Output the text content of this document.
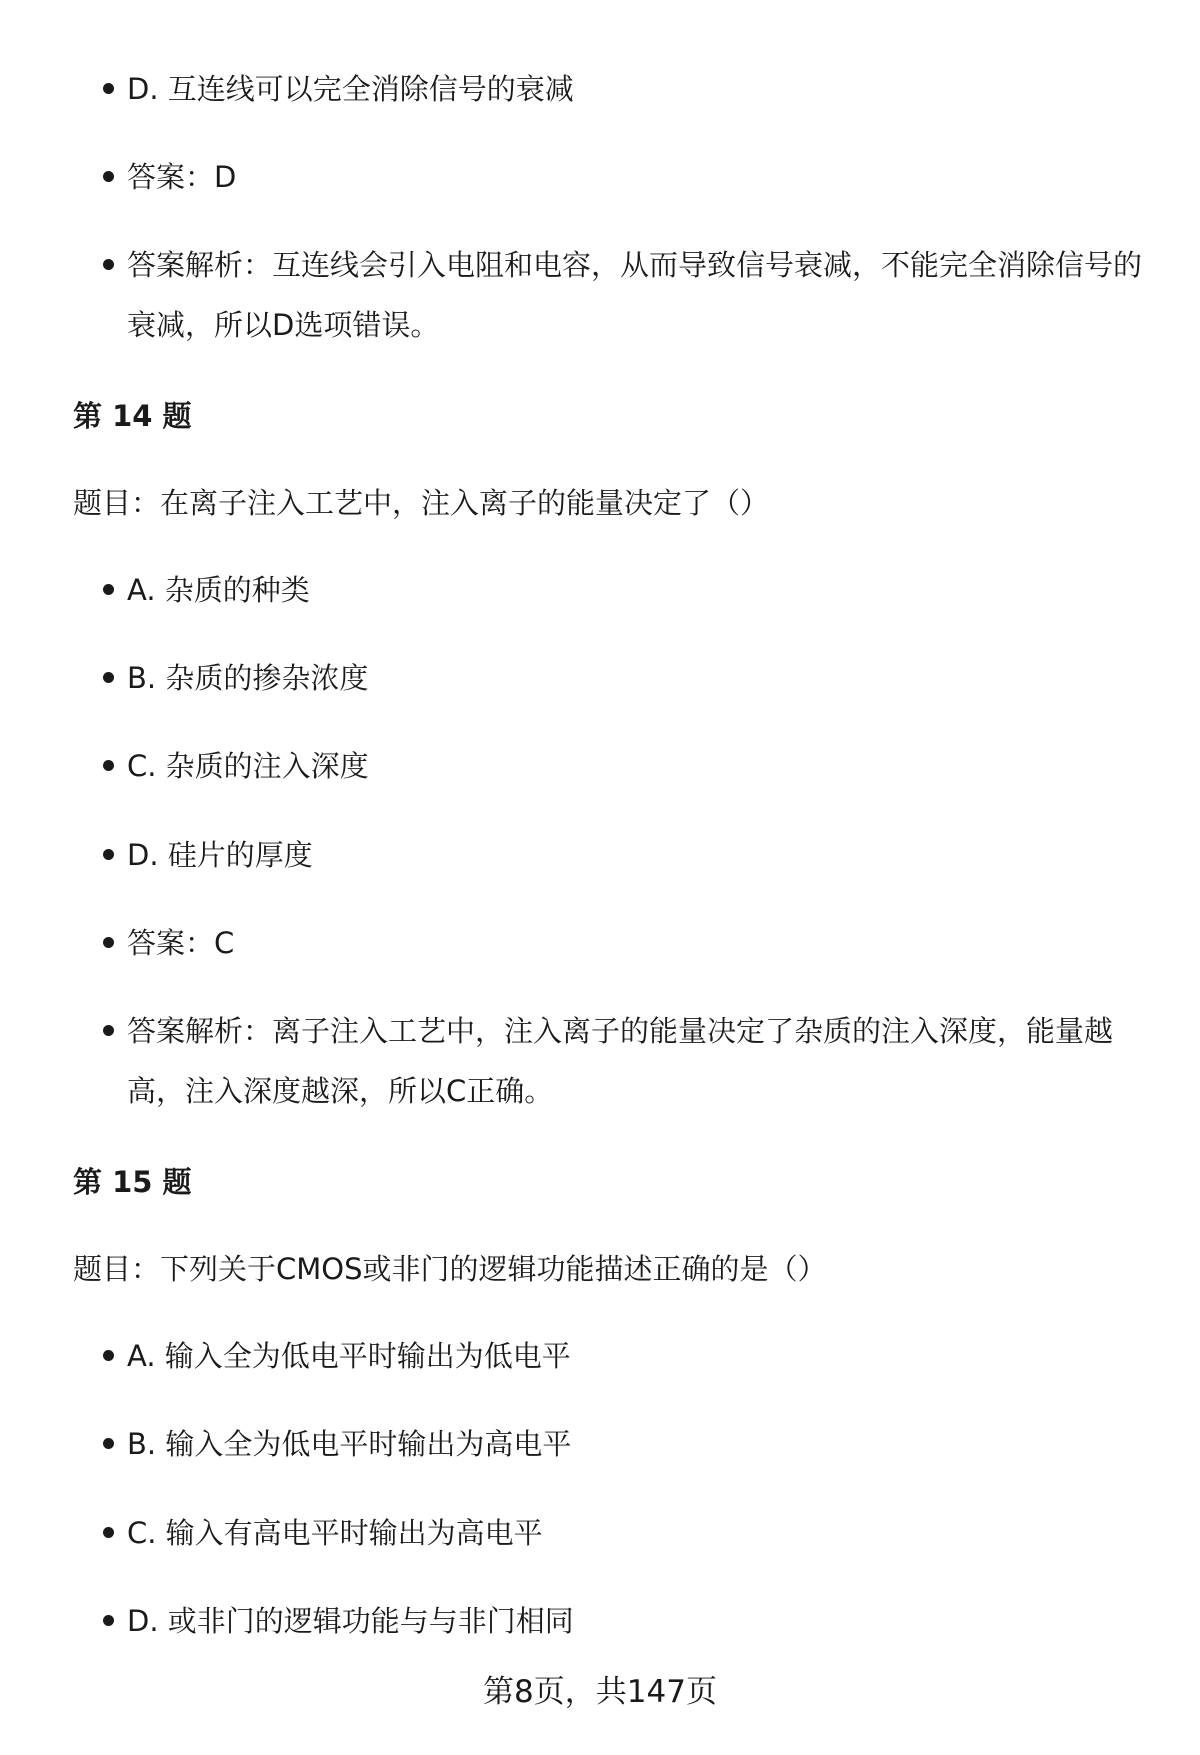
D. 互连线可以完全消除信号的衰减
答案：D
答案解析：互连线会引入电阻和电容，从而导致信号衰减，不能完全消除信号的衰减，所以D选项错误。
第 14 题
题目：在离子注入工艺中，注入离子的能量决定了（）
A. 杂质的种类
B. 杂质的掺杂浓度
C. 杂质的注入深度
D. 硅片的厚度
答案：C
答案解析：离子注入工艺中，注入离子的能量决定了杂质的注入深度，能量越高，注入深度越深，所以C正确。
第 15 题
题目：下列关于CMOS或非门的逻辑功能描述正确的是（）
A. 输入全为低电平时输出为低电平
B. 输入全为低电平时输出为高电平
C. 输入有高电平时输出为高电平
D. 或非门的逻辑功能与与非门相同
第8页，共147页
